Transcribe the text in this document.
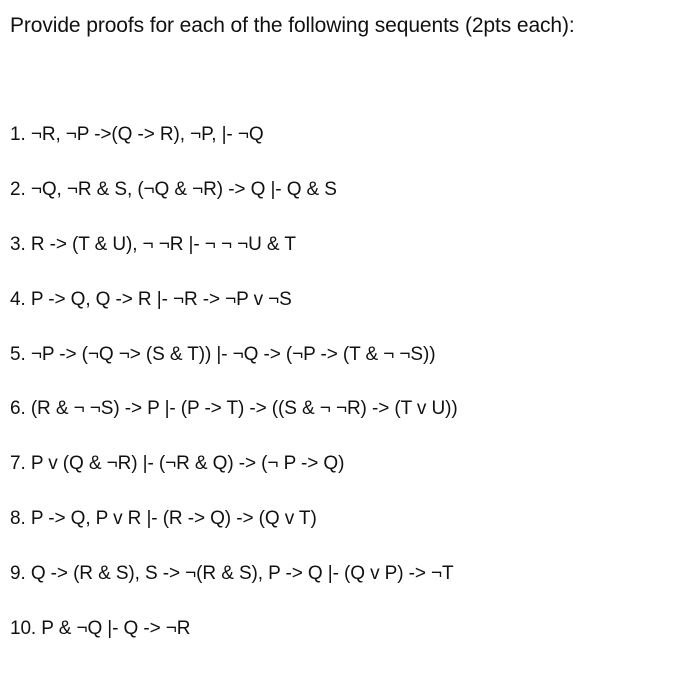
Provide proofs for each of the following sequents (2pts each):
1. ¬R, ¬P ->(Q -> R), ¬P, |- ¬Q
2. ¬Q, ¬R & S, (¬Q & ¬R) -> Q |- Q & S
3. R -> (T & U), ¬ ¬R |- ¬ ¬ ¬U & T
4. P -> Q, Q -> R |- ¬R -> ¬P v ¬S
5. ¬P -> (¬Q ¬> (S & T)) |- ¬Q -> (¬P -> (T & ¬ ¬S))
6. (R & ¬ ¬S) -> P |- (P -> T) -> ((S & ¬ ¬R) -> (T v U))
7. P v (Q & ¬R) |- (¬R & Q) -> (¬ P -> Q)
8. P -> Q, P v R |- (R -> Q) -> (Q v T)
9. Q -> (R & S), S -> ¬(R & S), P -> Q |- (Q v P) -> ¬T
10. P & ¬Q |- Q -> ¬R
